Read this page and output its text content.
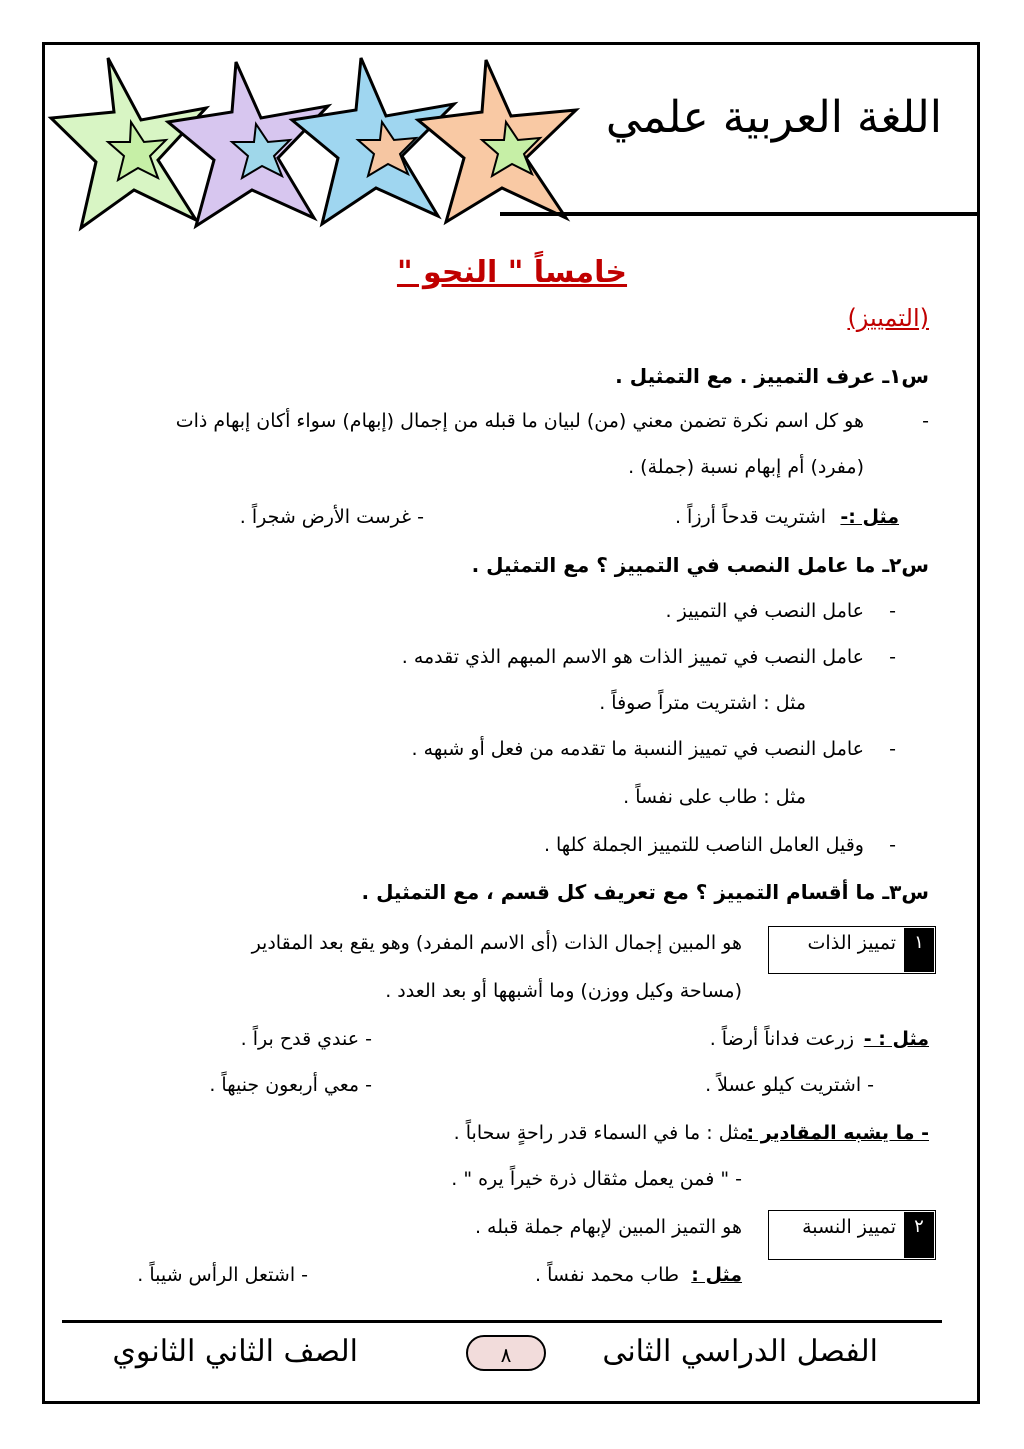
اللغة العربية علمي
خامساً " النحو "
(التمييز)
س١ـ عرف التمييز . مع التمثيل .
-
هو كل اسم نكرة تضمن معني (من) لبيان ما قبله من إجمال (إبهام) سواء أكان إبهام ذات
(مفرد) أم إبهام نسبة (جملة) .
مثل :-
اشتريت قدحاً أرزاً .
- غرست الأرض شجراً .
س٢ـ ما عامل النصب في التمييز ؟ مع التمثيل .
-
عامل النصب في التمييز .
-
عامل النصب في تمييز الذات هو الاسم المبهم الذي تقدمه .
مثل : اشتريت متراً صوفاً .
-
عامل النصب في تمييز النسبة ما تقدمه من فعل أو شبهه .
مثل : طاب على نفساً .
-
وقيل العامل الناصب للتمييز الجملة كلها .
س٣ـ ما أقسام التمييز ؟ مع تعريف كل قسم ، مع التمثيل .
١
تمييز الذات
هو المبين إجمال الذات (أى الاسم المفرد) وهو يقع بعد المقادير
(مساحة وكيل ووزن) وما أشبهها أو بعد العدد .
مثل : -
زرعت فداناً أرضاً .
- عندي قدح براً .
- اشتريت كيلو عسلاً .
- معي أربعون جنيهاً .
- ما يشبه المقادير :
مثل : ما في السماء قدر راحةٍ سحاباً .
- " فمن يعمل مثقال ذرة خيراً يره " .
٢
تمييز النسبة
هو التميز المبين لإبهام جملة قبله .
مثل :
طاب محمد نفساً .
- اشتعل الرأس شيباً .
الفصل الدراسي الثانى
٨
الصف الثاني الثانوي
